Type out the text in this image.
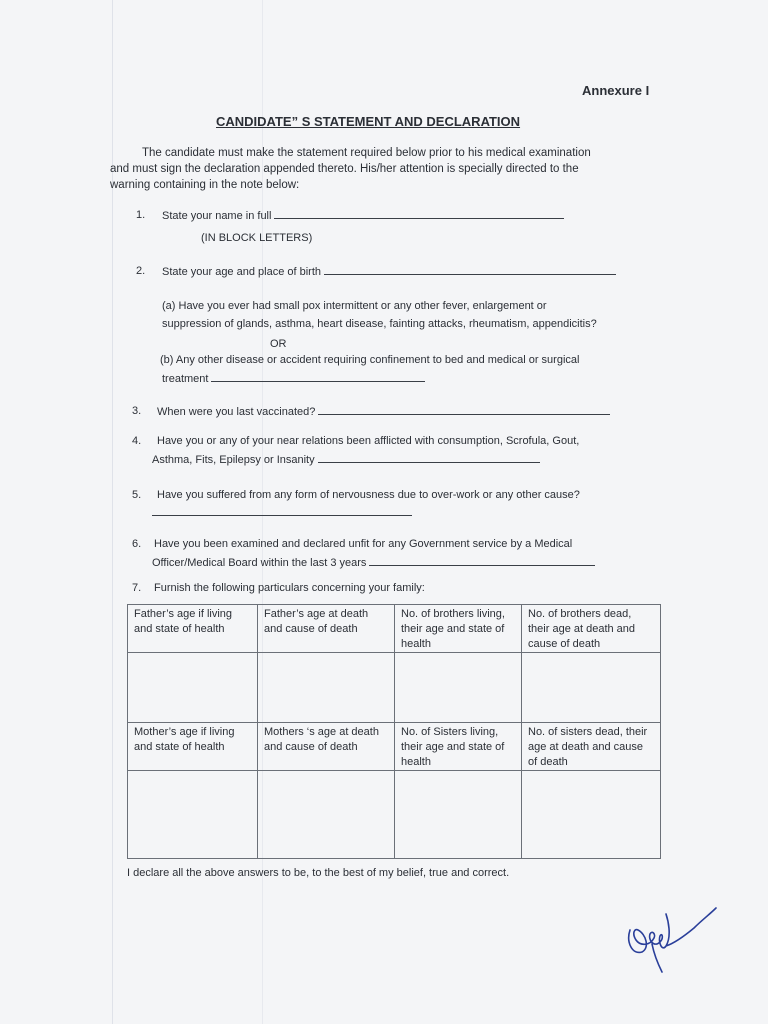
Annexure I
CANDIDATE” S STATEMENT AND DECLARATION
The candidate must make the statement required below prior to his medical examination
and must sign the declaration appended thereto. His/her attention is specially directed to the
warning containing in the note below:
1. State your name in full
(IN BLOCK LETTERS)
2. State your age and place of birth
(a) Have you ever had small pox intermittent or any other fever, enlargement or
suppression of glands, asthma, heart disease, fainting attacks, rheumatism, appendicitis?
OR
(b) Any other disease or accident requiring confinement to bed and medical or surgical
treatment
3. When were you last vaccinated?
4. Have you or any of your near relations been afflicted with consumption, Scrofula, Gout,
Asthma, Fits, Epilepsy or Insanity
5. Have you suffered from any form of nervousness due to over-work or any other cause?
6. Have you been examined and declared unfit for any Government service by a Medical
Officer/Medical Board within the last 3 years
7. Furnish the following particulars concerning your family:
Father’s age if living and state of health	Father’s age at death and cause of death	No. of brothers living, their age and state of health	No. of brothers dead, their age at death and cause of death

Mother’s age if living and state of health	Mothers ‘s age at death and cause of death	No. of Sisters living, their age and state of health	No. of sisters dead, their age at death and cause of death

I declare all the above answers to be, to the best of my belief, true and correct.
